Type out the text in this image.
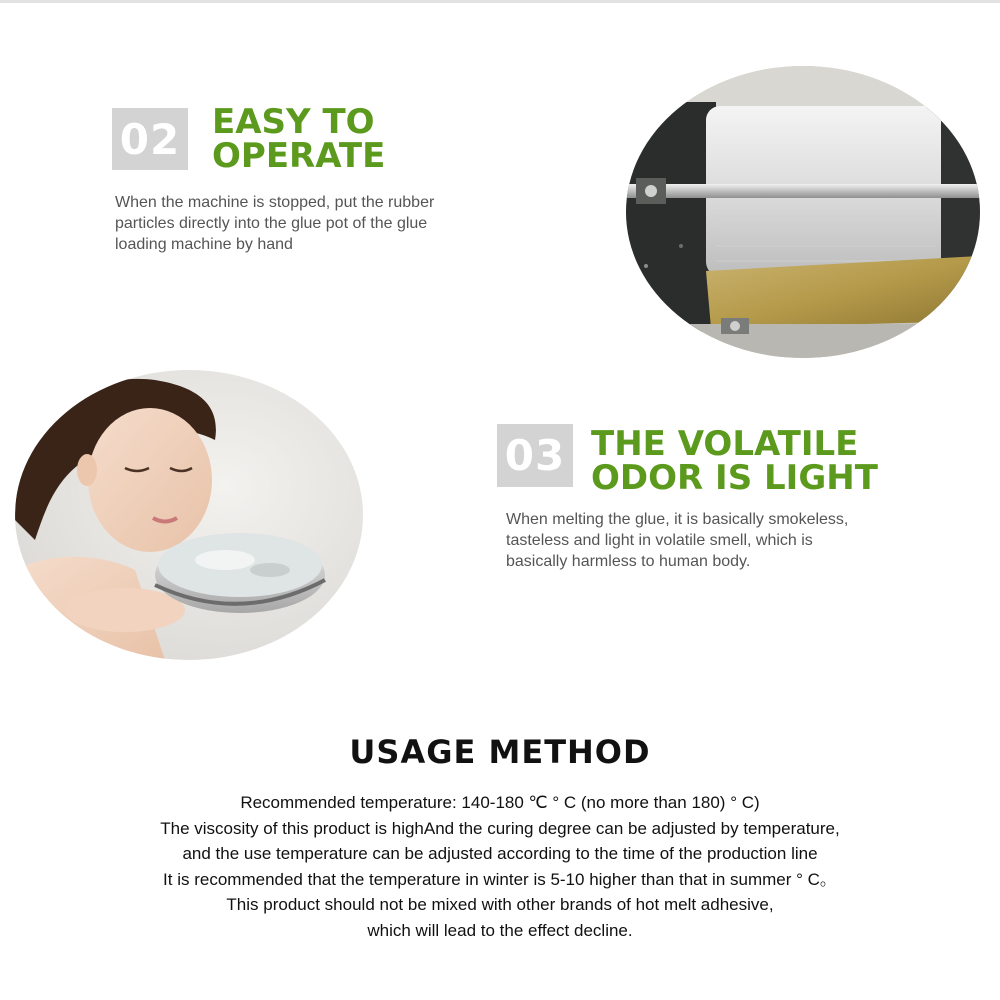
02 EASY TO
OPERATE
When the machine is stopped, put the rubber
particles directly into the glue pot of the glue
loading machine by hand
03 THE VOLATILE
ODOR IS LIGHT
When melting the glue, it is basically smokeless,
tasteless and light in volatile smell, which is
basically harmless to human body.
USAGE METHOD
Recommended temperature: 140-180 ℃ ° C (no more than 180) ° C)
The viscosity of this product is highAnd the curing degree can be adjusted by temperature,
and the use temperature can be adjusted according to the time of the production line
It is recommended that the temperature in winter is 5-10 higher than that in summer ° C。
This product should not be mixed with other brands of hot melt adhesive,
which will lead to the effect decline.
